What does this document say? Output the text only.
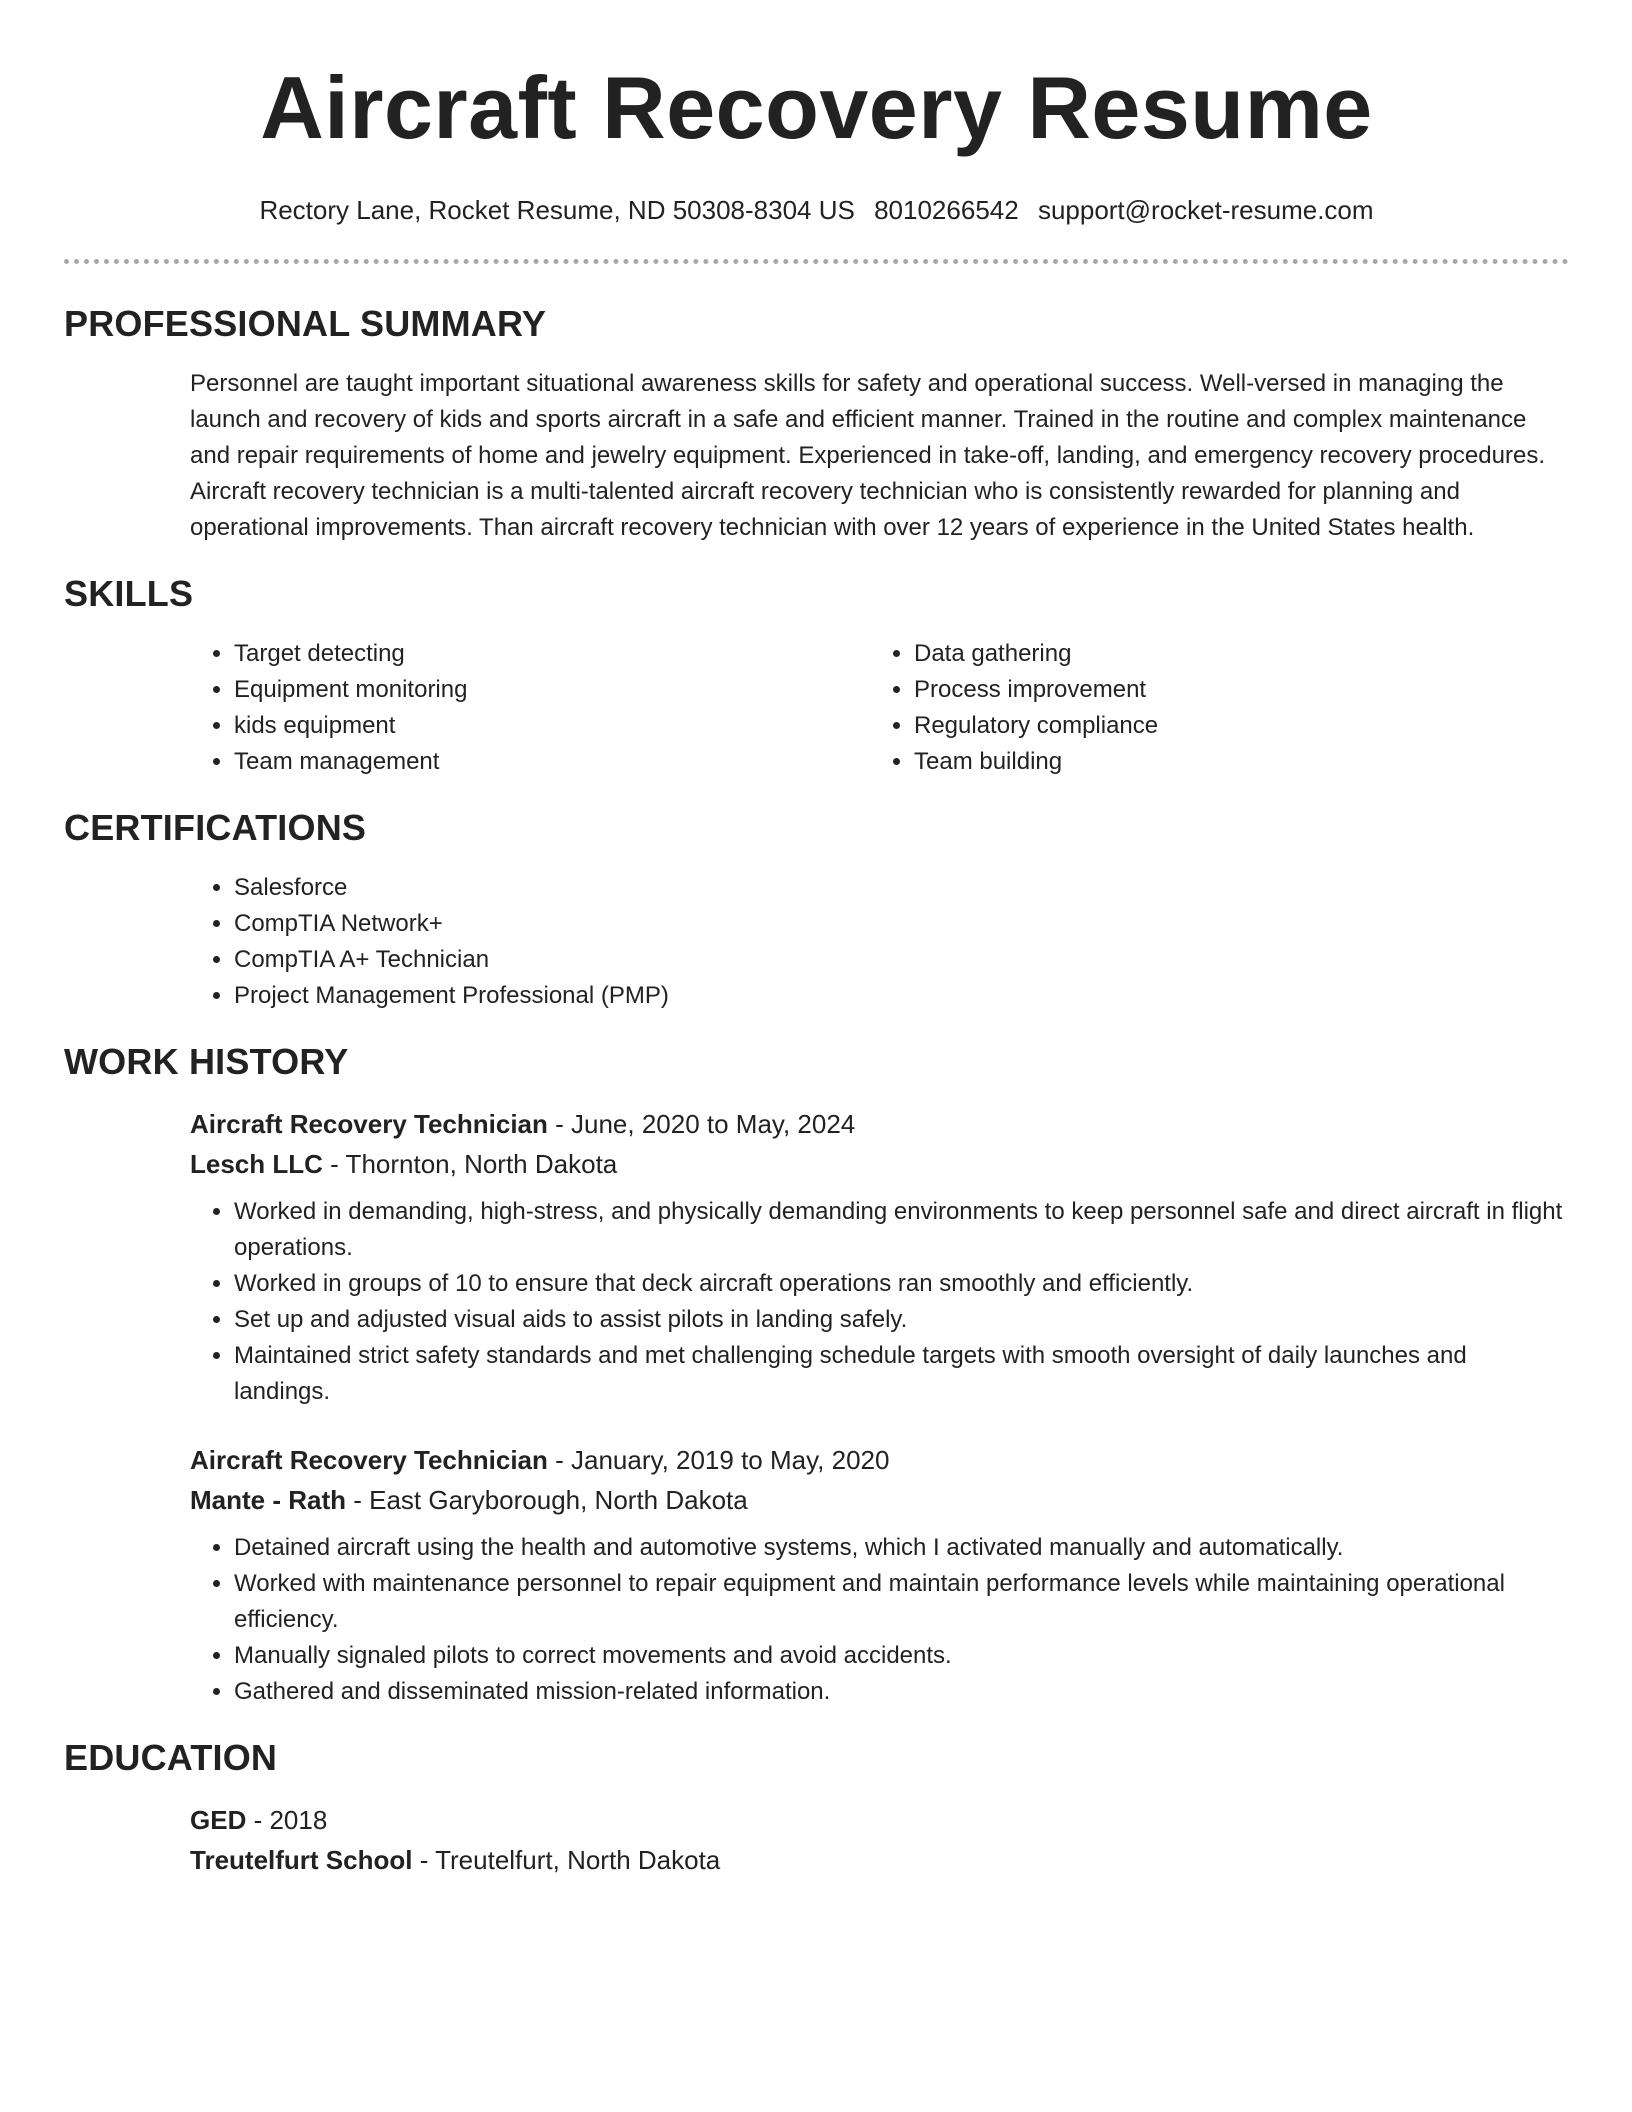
Aircraft Recovery Resume
Rectory Lane, Rocket Resume, ND 50308-8304 US 8010266542 support@rocket-resume.com
PROFESSIONAL SUMMARY

Personnel are taught important situational awareness skills for safety and operational success. Well-versed in managing the launch and recovery of kids and sports aircraft in a safe and efficient manner. Trained in the routine and complex maintenance and repair requirements of home and jewelry equipment. Experienced in take-off, landing, and emergency recovery procedures. Aircraft recovery technician is a multi-talented aircraft recovery technician who is consistently rewarded for planning and operational improvements. Than aircraft recovery technician with over 12 years of experience in the United States health.

SKILLS
• Target detecting
• Equipment monitoring
• kids equipment
• Team management
• Data gathering
• Process improvement
• Regulatory compliance
• Team building
CERTIFICATIONS
• Salesforce
• CompTIA Network+
• CompTIA A+ Technician
• Project Management Professional (PMP)
WORK HISTORY
Aircraft Recovery Technician - June, 2020 to May, 2024
Lesch LLC - Thornton, North Dakota
• Worked in demanding, high-stress, and physically demanding environments to keep personnel safe and direct aircraft in flight operations.
• Worked in groups of 10 to ensure that deck aircraft operations ran smoothly and efficiently.
• Set up and adjusted visual aids to assist pilots in landing safely.
• Maintained strict safety standards and met challenging schedule targets with smooth oversight of daily launches and landings.
Aircraft Recovery Technician - January, 2019 to May, 2020
Mante - Rath - East Garyborough, North Dakota
• Detained aircraft using the health and automotive systems, which I activated manually and automatically.
• Worked with maintenance personnel to repair equipment and maintain performance levels while maintaining operational efficiency.
• Manually signaled pilots to correct movements and avoid accidents.
• Gathered and disseminated mission-related information.
EDUCATION
GED - 2018
Treutelfurt School - Treutelfurt, North Dakota
